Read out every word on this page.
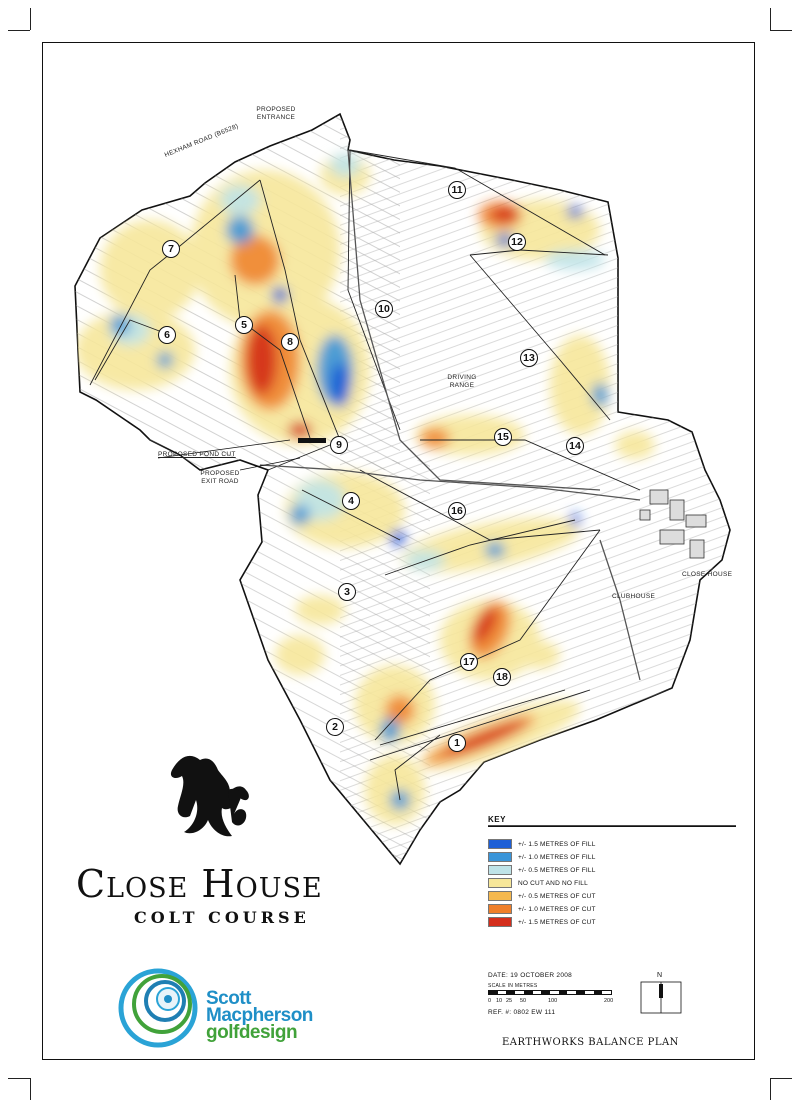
PROPOSED ENTRANCE
HEXHAM ROAD (B6528)
PROPOSED POND CUT
PROPOSED EXIT ROAD
DRIVING RANGE
CLOSE HOUSE
CLUBHOUSE
1
2
3
4
5
6
7
8
9
10
11
12
13
14
15
16
17
18
Close House
COLT COURSE
Scott
Macpherson
golfdesign
KEY
+/- 1.5 METRES OF FILL
+/- 1.0 METRES OF FILL
+/- 0.5 METRES OF FILL
NO CUT AND NO FILL
+/- 0.5 METRES OF CUT
+/- 1.0 METRES OF CUT
+/- 1.5 METRES OF CUT
DATE: 19 OCTOBER 2008
SCALE IN METRES
0 10 25 50	100	200
REF. #: 0802 EW 111
N
EARTHWORKS BALANCE PLAN
